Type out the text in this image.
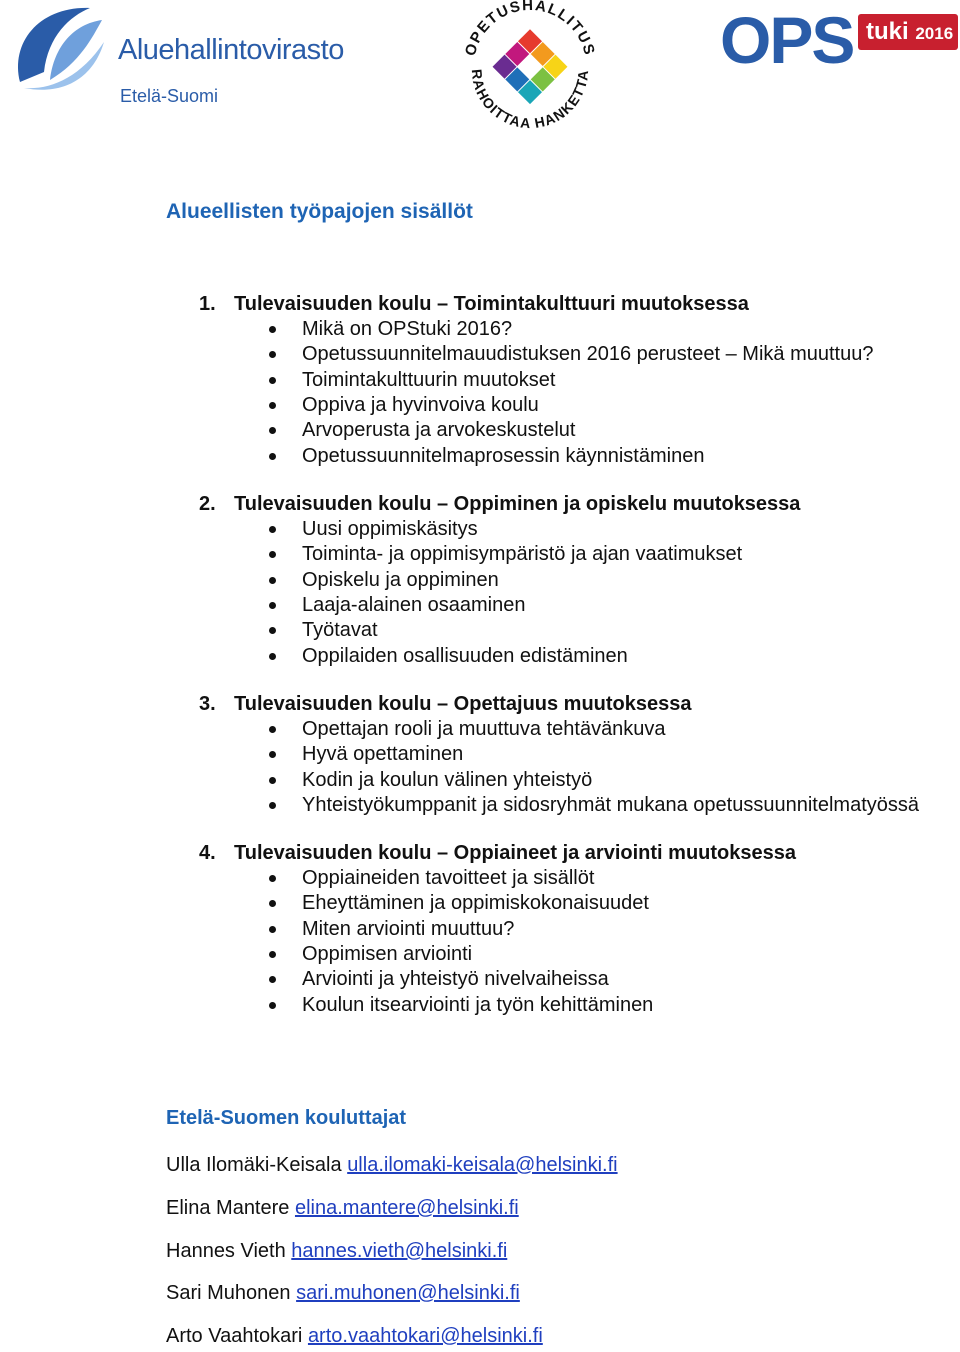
Aluehallintovirasto
Etelä-Suomi
OPETUSHALLITUS
RAHOITTAA HANKETTA OPS tuki 2016
Alueellisten työpajojen sisällöt
1. Tulevaisuuden koulu – Toimintakulttuuri muutoksessa
Mikä on OPStuki 2016?
Opetussuunnitelmauudistuksen 2016 perusteet – Mikä muuttuu?
Toimintakulttuurin muutokset
Oppiva ja hyvinvoiva koulu
Arvoperusta ja arvokeskustelut
Opetussuunnitelmaprosessin käynnistäminen
2. Tulevaisuuden koulu – Oppiminen ja opiskelu muutoksessa
Uusi oppimiskäsitys
Toiminta- ja oppimisympäristö ja ajan vaatimukset
Opiskelu ja oppiminen
Laaja-alainen osaaminen
Työtavat
Oppilaiden osallisuuden edistäminen
3. Tulevaisuuden koulu – Opettajuus muutoksessa
Opettajan rooli ja muuttuva tehtävänkuva
Hyvä opettaminen
Kodin ja koulun välinen yhteistyö
Yhteistyökumppanit ja sidosryhmät mukana opetussuunnitelmatyössä
4. Tulevaisuuden koulu – Oppiaineet ja arviointi muutoksessa
Oppiaineiden tavoitteet ja sisällöt
Eheyttäminen ja oppimiskokonaisuudet
Miten arviointi muuttuu?
Oppimisen arviointi
Arviointi ja yhteistyö nivelvaiheissa
Koulun itsearviointi ja työn kehittäminen
Etelä-Suomen kouluttajat
Ulla Ilomäki-Keisala ulla.ilomaki-keisala@helsinki.fi
Elina Mantere elina.mantere@helsinki.fi
Hannes Vieth hannes.vieth@helsinki.fi
Sari Muhonen sari.muhonen@helsinki.fi
Arto Vaahtokari arto.vaahtokari@helsinki.fi
